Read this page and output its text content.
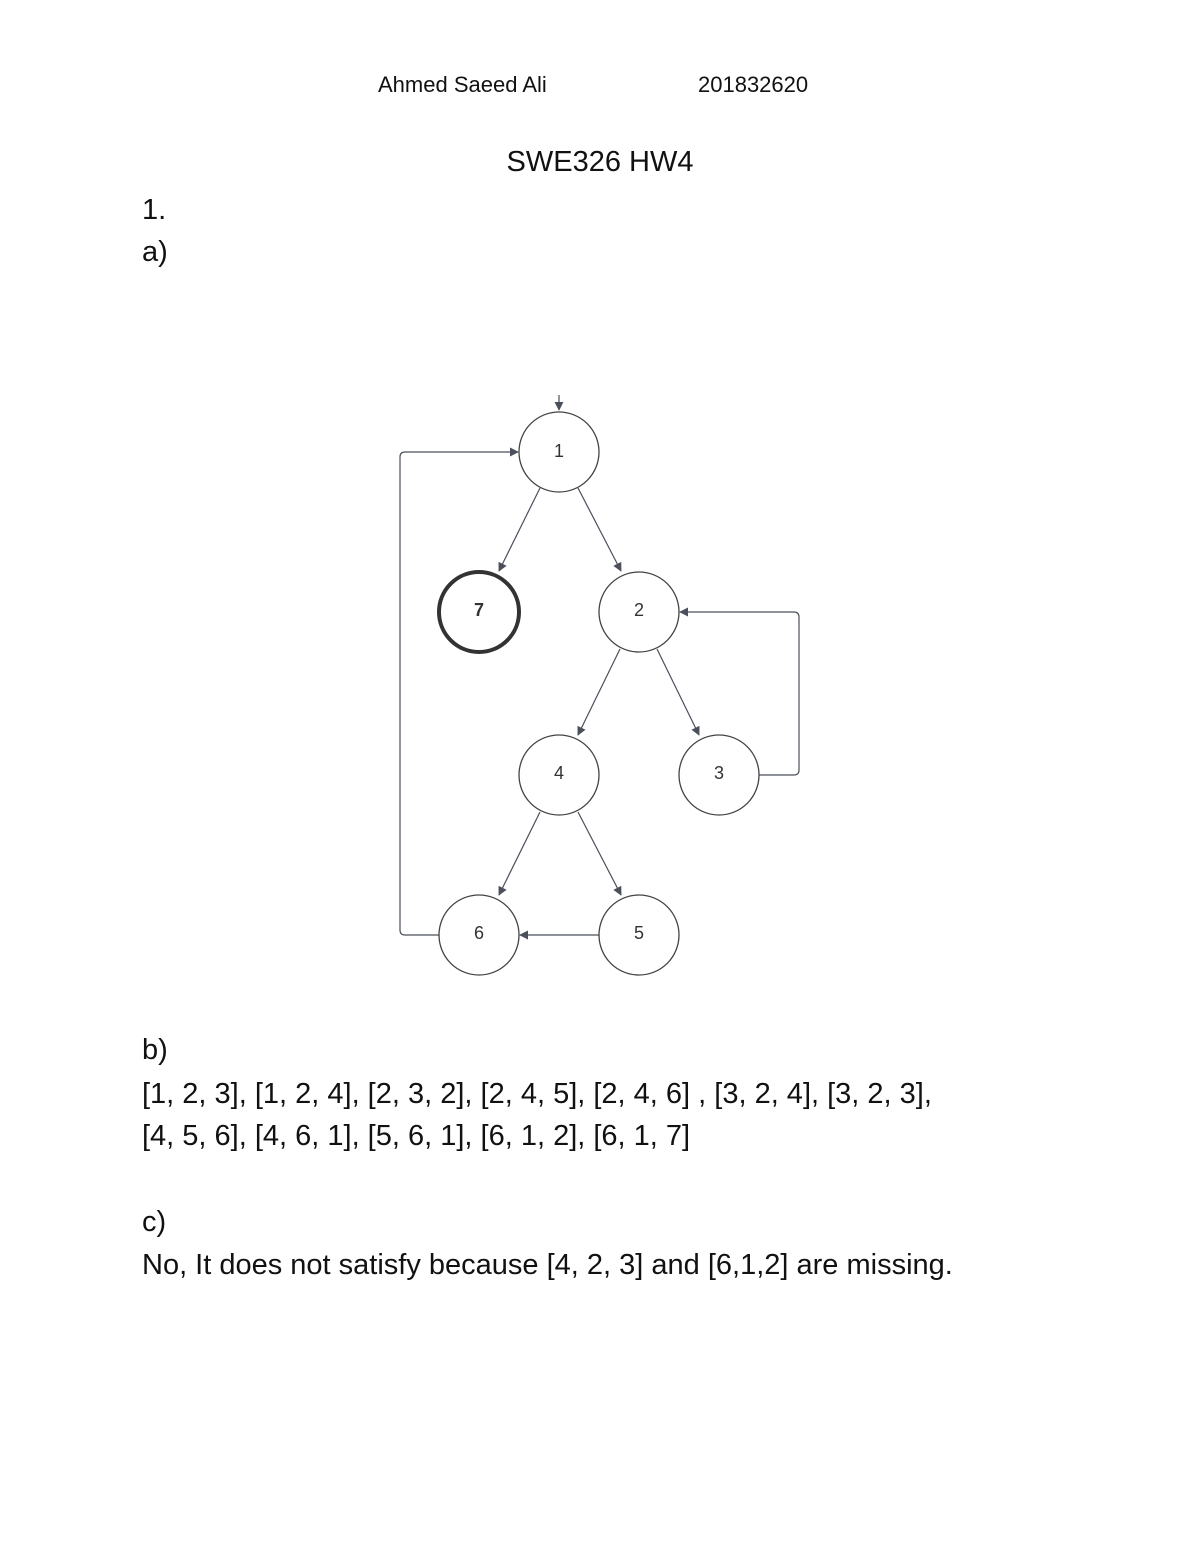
Ahmed Saeed Ali	201832620
SWE326 HW4
1.
a)
1
7	2
4	3
6	5
b)
[1, 2, 3], [1, 2, 4], [2, 3, 2], [2, 4, 5], [2, 4, 6] , [3, 2, 4], [3, 2, 3],
[4, 5, 6], [4, 6, 1], [5, 6, 1], [6, 1, 2], [6, 1, 7]
c)
No, It does not satisfy because [4, 2, 3] and [6,1,2] are missing.
